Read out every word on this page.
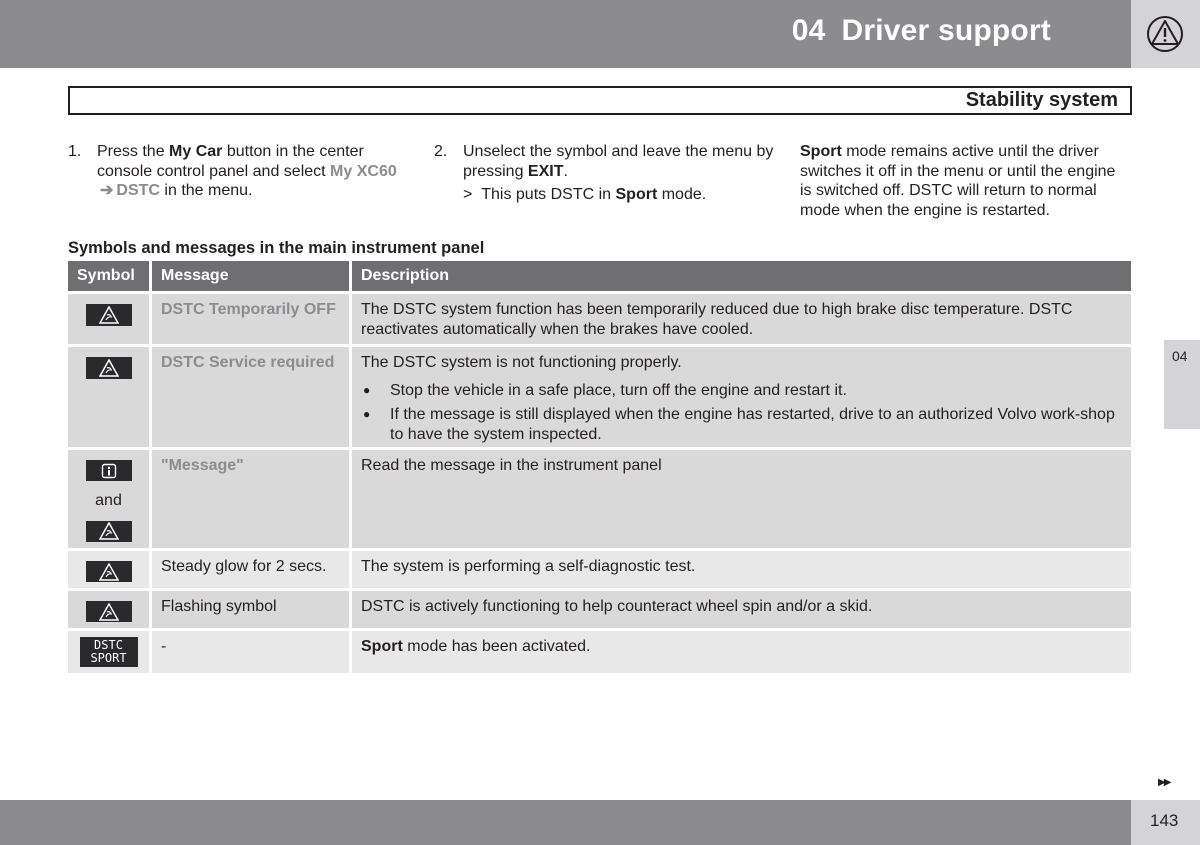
04 Driver support
Stability system
1. Press the My Car button in the center console control panel and select My XC60➔ DSTC in the menu.
2. Unselect the symbol and leave the menu by pressing EXIT.
> This puts DSTC in Sport mode.
Sport mode remains active until the driver switches it off in the menu or until the engine is switched off. DSTC will return to normal mode when the engine is restarted.
Symbols and messages in the main instrument panel
Symbol	Message	Description
DSTC Temporarily OFF	The DSTC system function has been temporarily reduced due to high brake disc temperature. DSTC reactivates automatically when the brakes have cooled.
DSTC Service required	The DSTC system is not functioning properly.
● Stop the vehicle in a safe place, turn off the engine and restart it.
● If the message is still displayed when the engine has restarted, drive to an authorized Volvo work-shop to have the system inspected.
and
"Message"	Read the message in the instrument panel
Steady glow for 2 secs.	The system is performing a self-diagnostic test.
Flashing symbol	DSTC is actively functioning to help counteract wheel spin and/or a skid.
DSTC
SPORT
-	Sport mode has been activated.
04
▶▶
143
